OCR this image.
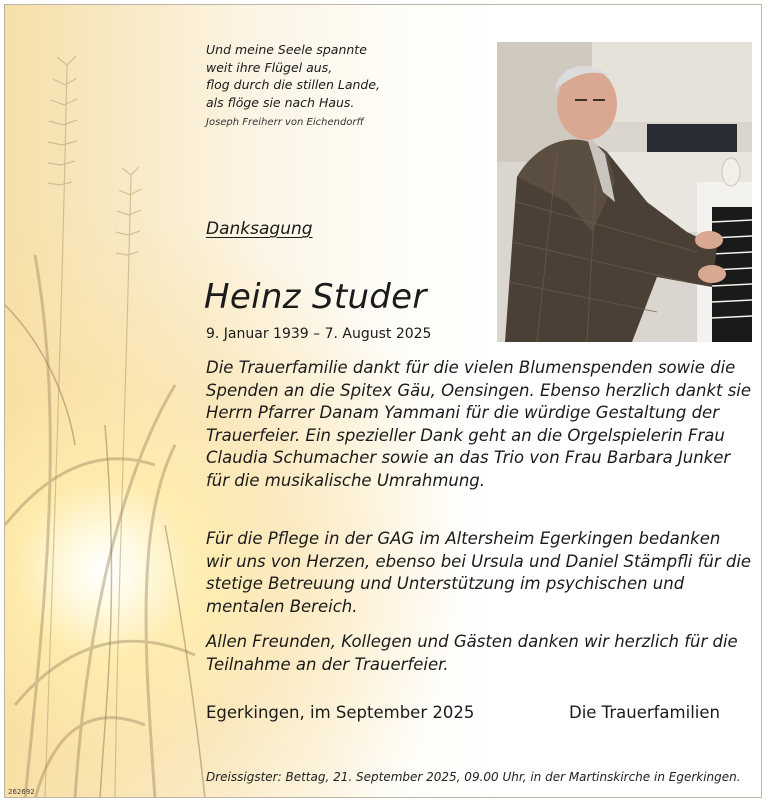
Und meine Seele spannte
weit ihre Flügel aus,
flog durch die stillen Lande,
als flöge sie nach Haus.
Joseph Freiherr von Eichendorff
Danksagung
Heinz Studer
9. Januar 1939 – 7. August 2025
Die Trauerfamilie dankt für die vielen Blumenspenden sowie die
Spenden an die Spitex Gäu, Oensingen. Ebenso herzlich dankt sie
Herrn Pfarrer Danam Yammani für die würdige Gestaltung der
Trauerfeier. Ein spezieller Dank geht an die Orgelspielerin Frau
Claudia Schumacher sowie an das Trio von Frau Barbara Junker
für die musikalische Umrahmung.
Für die Pflege in der GAG im Altersheim Egerkingen bedanken
wir uns von Herzen, ebenso bei Ursula und Daniel Stämpfli für die
stetige Betreuung und Unterstützung im psychischen und
mentalen Bereich.
Allen Freunden, Kollegen und Gästen danken wir herzlich für die
Teilnahme an der Trauerfeier.
Egerkingen, im September 2025	Die Trauerfamilien
Dreissigster: Bettag, 21. September 2025, 09.00 Uhr, in der Martinskirche in Egerkingen.
262692
